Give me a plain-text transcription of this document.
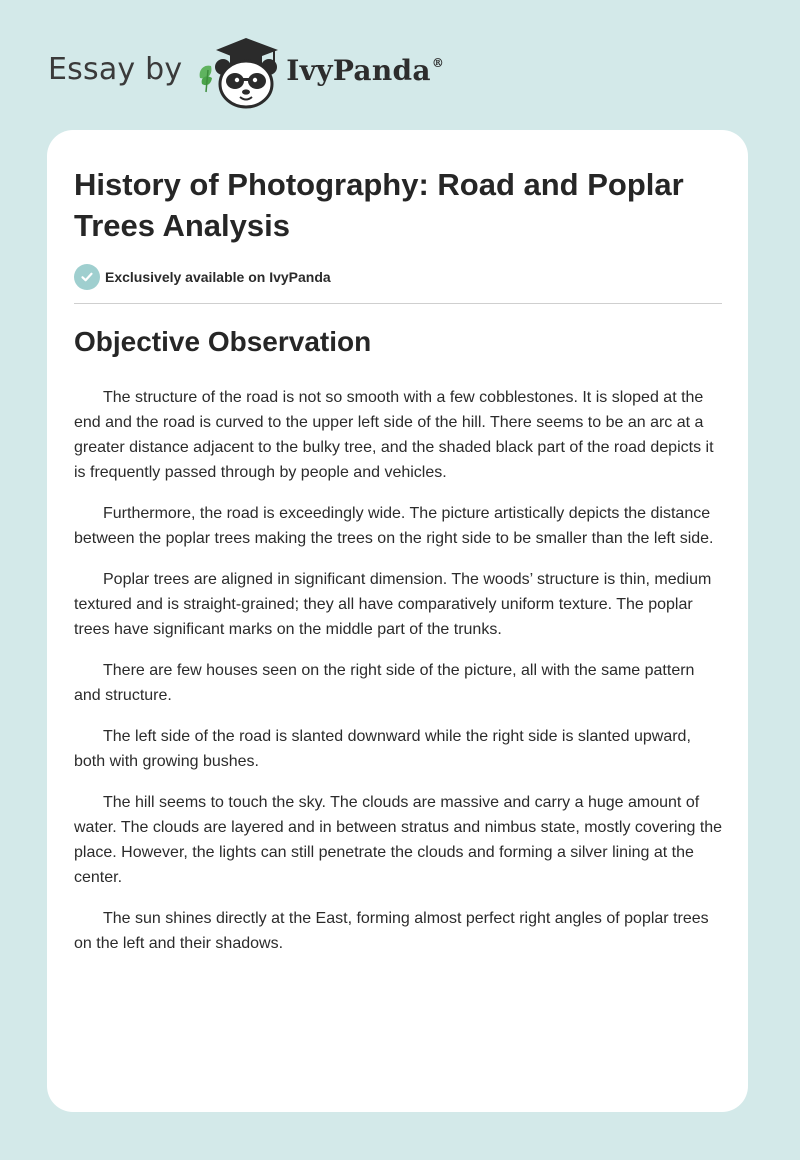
Essay by	IvyPanda®
History of Photography: Road and Poplar Trees Analysis
Exclusively available on IvyPanda
Objective Observation

The structure of the road is not so smooth with a few cobblestones. It is sloped at the end and the road is curved to the upper left side of the hill. There seems to be an arc at a greater distance adjacent to the bulky tree, and the shaded black part of the road depicts it is frequently passed through by people and vehicles.

Furthermore, the road is exceedingly wide. The picture artistically depicts the distance between the poplar trees making the trees on the right side to be smaller than the left side.

Poplar trees are aligned in significant dimension. The woods’ structure is thin, medium textured and is straight-grained; they all have comparatively uniform texture. The poplar trees have significant marks on the middle part of the trunks.

There are few houses seen on the right side of the picture, all with the same pattern and structure.

The left side of the road is slanted downward while the right side is slanted upward, both with growing bushes.

The hill seems to touch the sky. The clouds are massive and carry a huge amount of water. The clouds are layered and in between stratus and nimbus state, mostly covering the place. However, the lights can still penetrate the clouds and forming a silver lining at the center.

The sun shines directly at the East, forming almost perfect right angles of poplar trees on the left and their shadows.
